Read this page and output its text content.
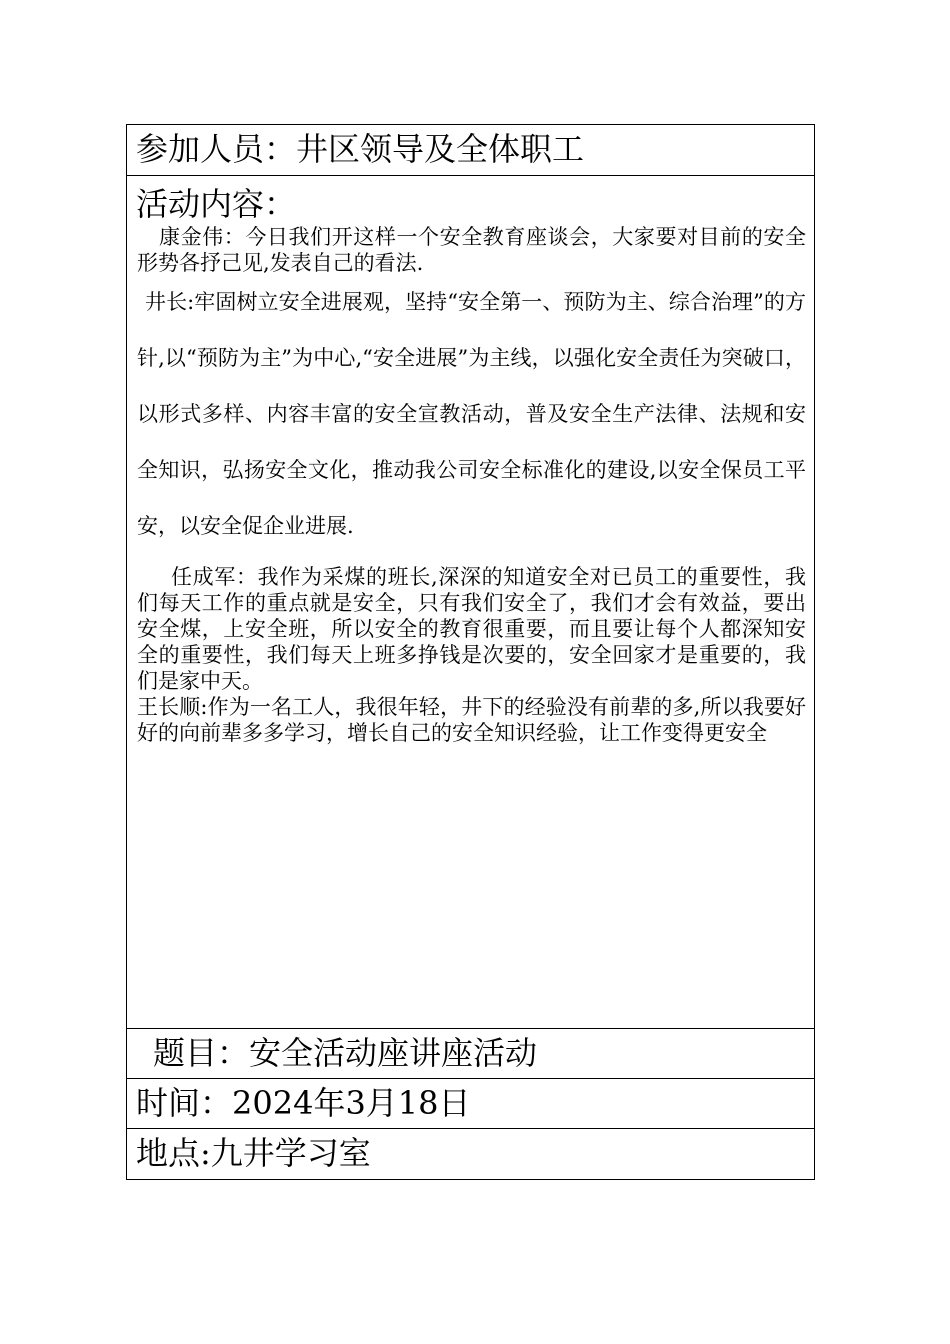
参加人员：井区领导及全体职工
活动内容：
康金伟：今日我们开这样一个安全教育座谈会，大家要对目前的安全形势各抒己见,发表自己的看法.
井长:牢固树立安全进展观，坚持“安全第一、预防为主、综合治理”的方针,以“预防为主”为中心,“安全进展”为主线，以强化安全责任为突破口，以形式多样、内容丰富的安全宣教活动，普及安全生产法律、法规和安全知识，弘扬安全文化，推动我公司安全标准化的建设,以安全保员工平安，以安全促企业进展.
任成军：我作为采煤的班长,深深的知道安全对已员工的重要性，我们每天工作的重点就是安全，只有我们安全了，我们才会有效益，要出安全煤，上安全班，所以安全的教育很重要，而且要让每个人都深知安全的重要性，我们每天上班多挣钱是次要的，安全回家才是重要的，我们是家中天。
王长顺:作为一名工人，我很年轻，井下的经验没有前辈的多,所以我要好好的向前辈多多学习，增长自己的安全知识经验，让工作变得更安全
题目：安全活动座讲座活动
时间：2024年3月18日
地点:九井学习室
